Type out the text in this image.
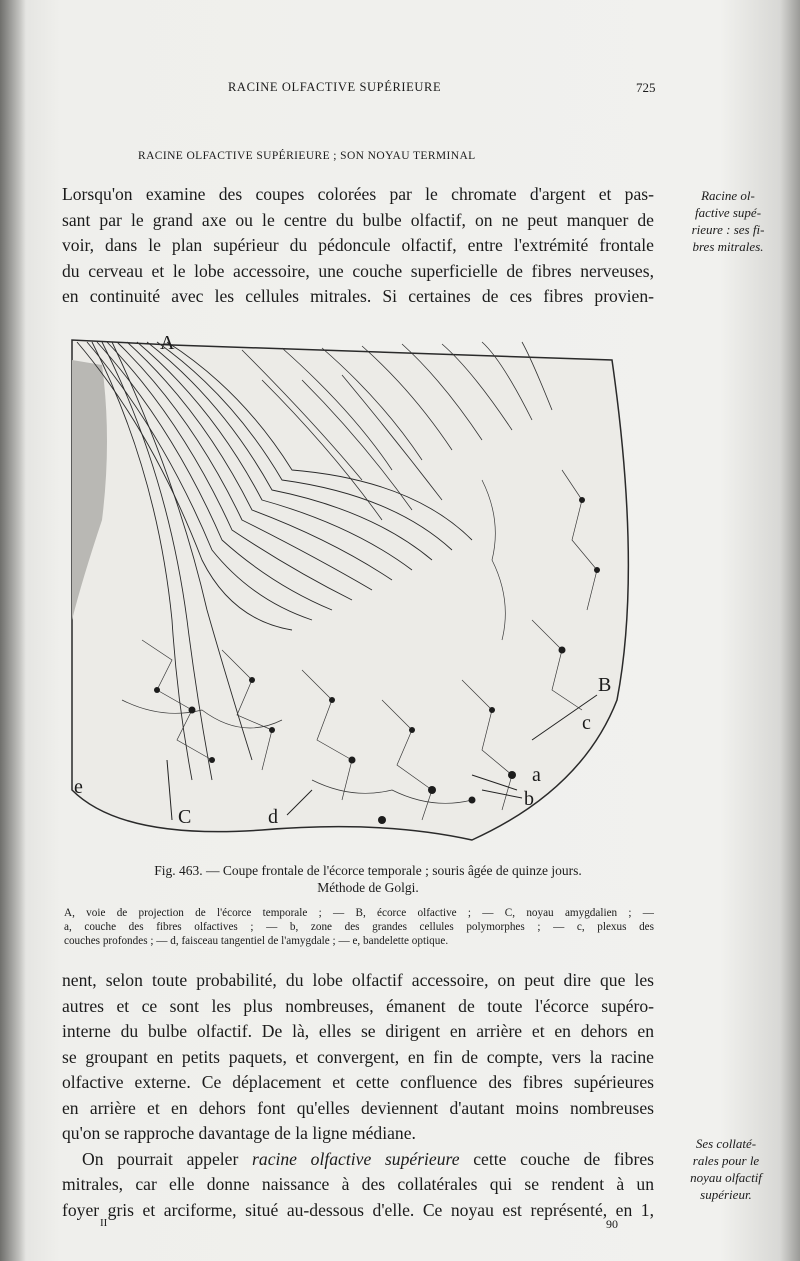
RACINE OLFACTIVE SUPÉRIEURE	725
RACINE OLFACTIVE SUPÉRIEURE ; SON NOYAU TERMINAL

Lorsqu'on examine des coupes colorées par le chromate d'argent et pas-
sant par le grand axe ou le centre du bulbe olfactif, on ne peut manquer de
voir, dans le plan supérieur du pédoncule olfactif, entre l'extrémité frontale
du cerveau et le lobe accessoire, une couche superficielle de fibres nerveuses,
en continuité avec les cellules mitrales. Si certaines de ces fibres provien-

Racine ol-
factive supé-
rieure : ses fi-
bres mitrales.
A
B
c
a
b
C	d
e
Fig. 463. — Coupe frontale de l'écorce temporale ; souris âgée de quinze jours.
Méthode de Golgi.
A, voie de projection de l'écorce temporale ; — B, écorce olfactive ; — C, noyau amygdalien ; —
a, couche des fibres olfactives ; — b, zone des grandes cellules polymorphes ; — c, plexus des
couches profondes ; — d, faisceau tangentiel de l'amygdale ; — e, bandelette optique.

nent, selon toute probabilité, du lobe olfactif accessoire, on peut dire que les
autres et ce sont les plus nombreuses, émanent de toute l'écorce supéro-
interne du bulbe olfactif. De là, elles se dirigent en arrière et en dehors en
se groupant en petits paquets, et convergent, en fin de compte, vers la racine
olfactive externe. Ce déplacement et cette confluence des fibres supérieures
en arrière et en dehors font qu'elles deviennent d'autant moins nombreuses
qu'on se rapproche davantage de la ligne médiane.
On pourrait appeler racine olfactive supérieure cette couche de fibres
mitrales, car elle donne naissance à des collatérales qui se rendent à un
foyer gris et arciforme, situé au-dessous d'elle. Ce noyau est représenté, en 1,

Ses collaté-
rales pour le
noyau olfactif
supérieur.
II	90
